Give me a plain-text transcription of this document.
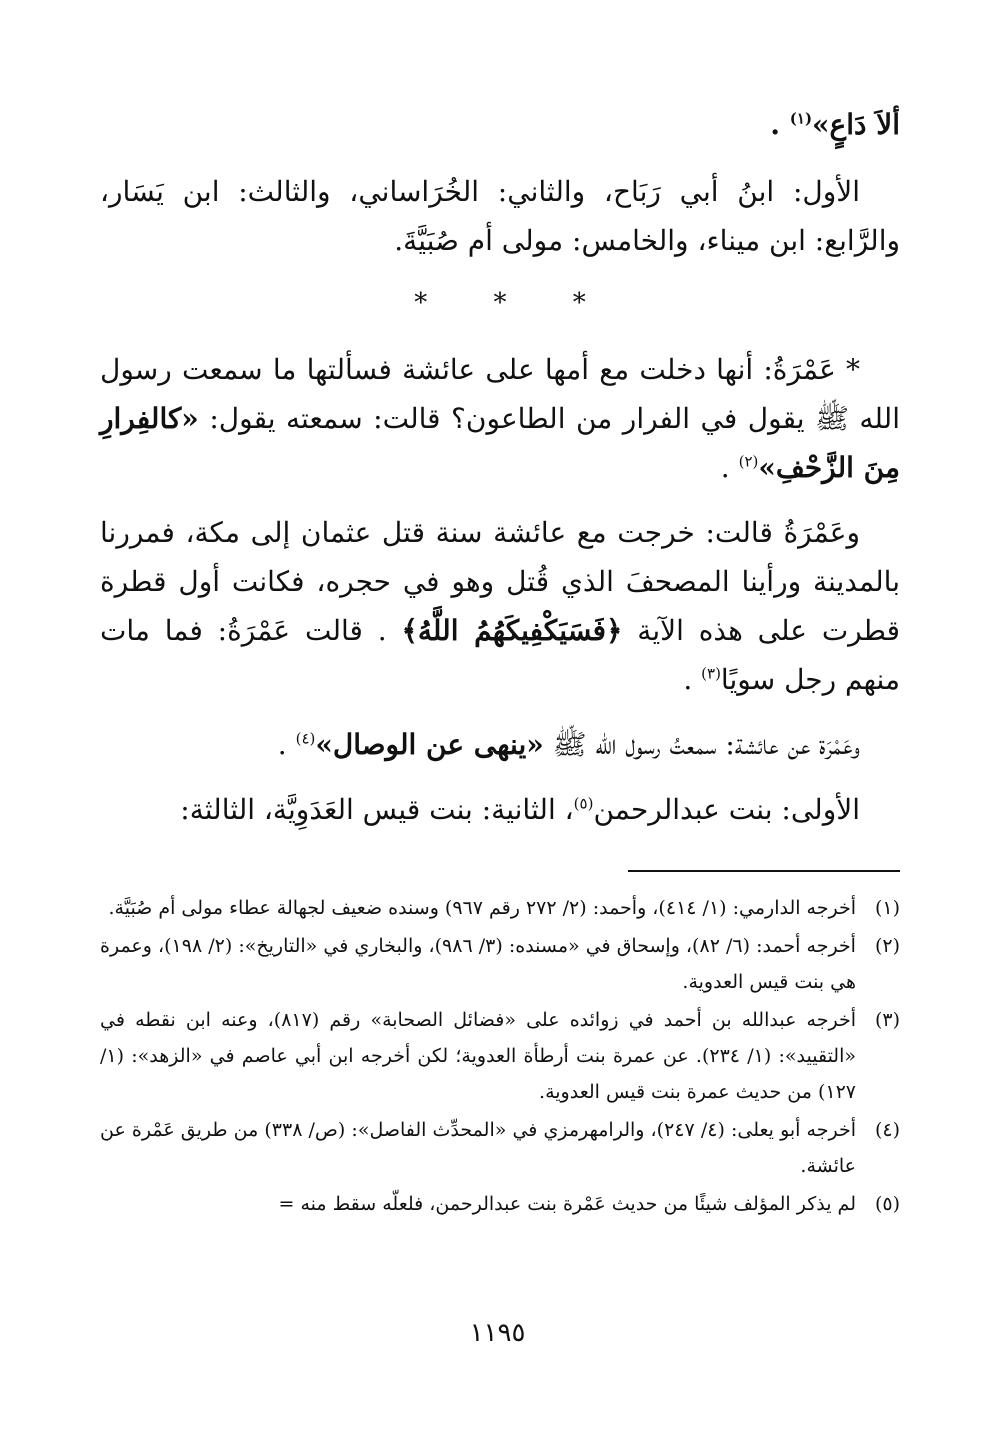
ألاَ دَاعٍ»$^{(١)}$ .

الأول: ابنُ أبي رَبَاح، والثاني: الخُرَاساني، والثالث: ابن يَسَار، والرَّابع: ابن ميناء، والخامس: مولى أم صُبَيَّةَ.

*	*	*

* عَمْرَةُ: أنها دخلت مع أمها على عائشة فسألتها ما سمعت رسول الله ﷺ يقول في الفرار من الطاعون؟ قالت: سمعته يقول: «كالفِرارِ مِنَ الزَّحْفِ»$^{(٢)}$ .

وعَمْرَةُ قالت: خرجت مع عائشة سنة قتل عثمان إلى مكة، فمررنا بالمدينة ورأينا المصحفَ الذي قُتل وهو في حجره، فكانت أول قطرة قطرت على هذه الآية ﴿فَسَيَكْفِيكَهُمُ اللَّهُ﴾ . قالت عَمْرَةُ: فما مات منهم رجل سويًا$^{(٣)}$ .

وعَمْرَة عن عائشة: سمعتُ رسول الله ﷺ «ينهى عن الوصال»$^{(٤)}$ .

الأولى: بنت عبدالرحمن$^{(٥)}$، الثانية: بنت قيس العَدَوِيَّة، الثالثة:

(١)
أخرجه الدارمي: (١/ ٤١٤)، وأحمد: (٢/ ٢٧٢ رقم ٩٦٧) وسنده ضعيف لجهالة عطاء مولى أم صُبَيَّة.
(٢)
أخرجه أحمد: (٦/ ٨٢)، وإسحاق في «مسنده: (٣/ ٩٨٦)، والبخاري في «التاريخ»: (٢/ ١٩٨)، وعمرة هي بنت قيس العدوية.
(٣)
أخرجه عبدالله بن أحمد في زوائده على «فضائل الصحابة» رقم (٨١٧)، وعنه ابن نقطه في «التقييد»: (١/ ٢٣٤). عن عمرة بنت أرطأة العدوية؛ لكن أخرجه ابن أبي عاصم في «الزهد»: (١/ ١٢٧) من حديث عمرة بنت قيس العدوية.
(٤)
أخرجه أبو يعلى: (٤/ ٢٤٧)، والرامهرمزي في «المحدِّث الفاصل»: (ص/ ٣٣٨) من طريق عَمْرة عن عائشة.
(٥)
لم يذكر المؤلف شيئًا من حديث عَمْرة بنت عبدالرحمن، فلعلّه سقط منه =
١١٩٥
